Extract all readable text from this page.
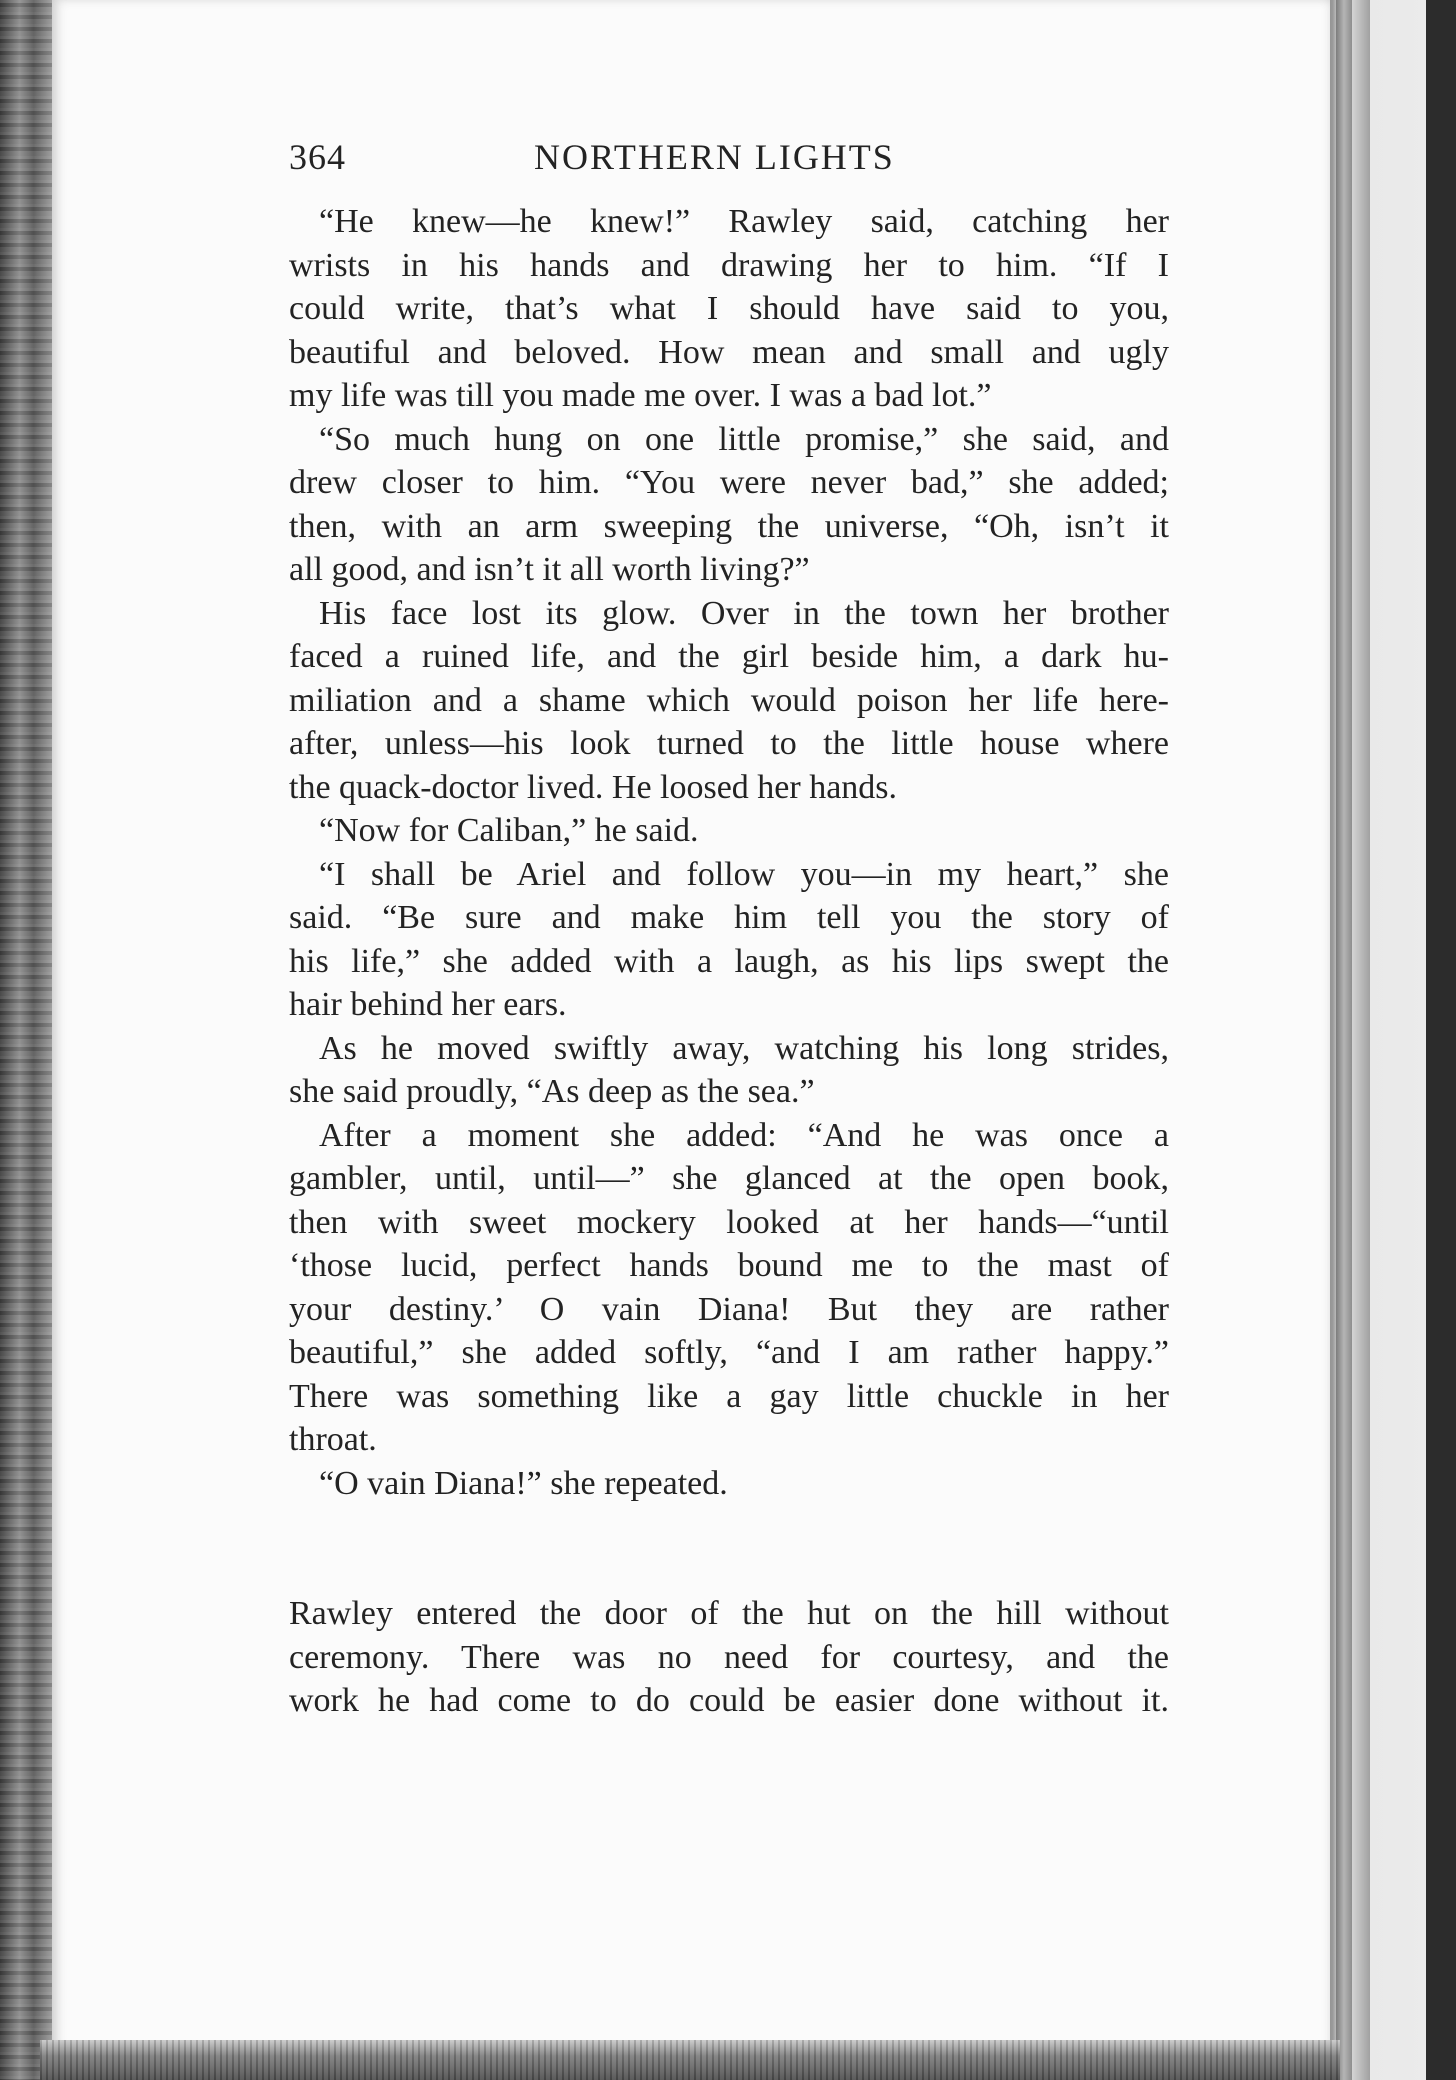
364	NORTHERN LIGHTS
“He knew—he knew!” Rawley said, catching her
wrists in his hands and drawing her to him. “If I
could write, that’s what I should have said to you,
beautiful and beloved. How mean and small and ugly
my life was till you made me over. I was a bad lot.”
“So much hung on one little promise,” she said, and
drew closer to him. “You were never bad,” she added;
then, with an arm sweeping the universe, “Oh, isn’t it
all good, and isn’t it all worth living?”
His face lost its glow. Over in the town her brother
faced a ruined life, and the girl beside him, a dark hu-
miliation and a shame which would poison her life here-
after, unless—his look turned to the little house where
the quack-doctor lived. He loosed her hands.
“Now for Caliban,” he said.
“I shall be Ariel and follow you—in my heart,” she
said. “Be sure and make him tell you the story of
his life,” she added with a laugh, as his lips swept the
hair behind her ears.
As he moved swiftly away, watching his long strides,
she said proudly, “As deep as the sea.”
After a moment she added: “And he was once a
gambler, until, until—” she glanced at the open book,
then with sweet mockery looked at her hands—“until
‘those lucid, perfect hands bound me to the mast of
your destiny.’ O vain Diana! But they are rather
beautiful,” she added softly, “and I am rather happy.”
There was something like a gay little chuckle in her
throat.
“O vain Diana!” she repeated.
Rawley entered the door of the hut on the hill without
ceremony. There was no need for courtesy, and the
work he had come to do could be easier done without it.
